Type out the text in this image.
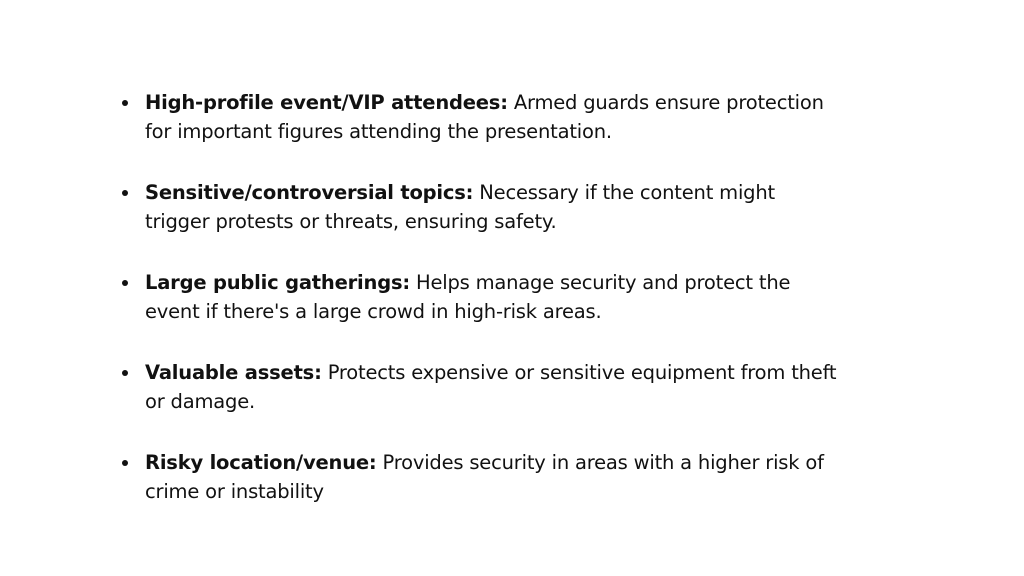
High-profile event/VIP attendees: Armed guards ensure protection for important figures attending the presentation.
Sensitive/controversial topics: Necessary if the content might trigger protests or threats, ensuring safety.
Large public gatherings: Helps manage security and protect the event if there's a large crowd in high-risk areas.
Valuable assets: Protects expensive or sensitive equipment from theft or damage.
Risky location/venue: Provides security in areas with a higher risk of crime or instability
